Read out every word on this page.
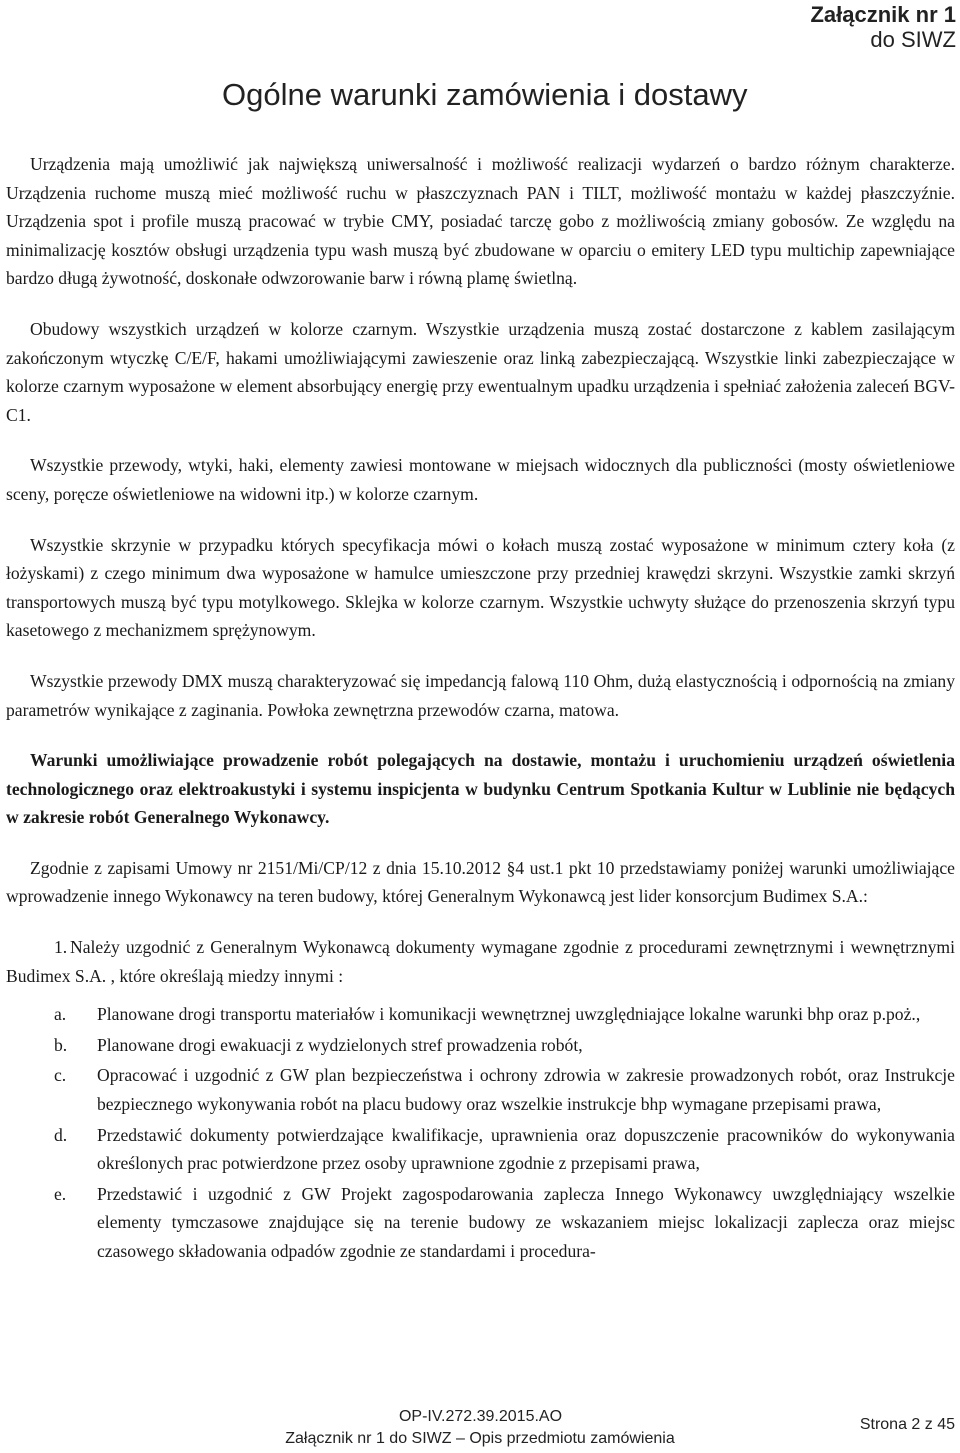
Załącznik nr 1
do SIWZ
Ogólne warunki zamówienia i dostawy

Urządzenia mają umożliwić jak największą uniwersalność i możliwość realizacji wydarzeń o bardzo różnym charakterze. Urządzenia ruchome muszą mieć możliwość ruchu w płaszczyznach PAN i TILT, możliwość montażu w każdej płaszczyźnie. Urządzenia spot i profile muszą pracować w trybie CMY, posiadać tarczę gobo z możliwością zmiany gobosów. Ze względu na minimalizację kosztów obsługi urządzenia typu wash muszą być zbudowane w oparciu o emitery LED typu multichip zapewniające bardzo długą żywotność, doskonałe odwzorowanie barw i równą plamę świetlną.

Obudowy wszystkich urządzeń w kolorze czarnym. Wszystkie urządzenia muszą zostać dostarczone z kablem zasilającym zakończonym wtyczkę C/E/F, hakami umożliwiającymi zawieszenie oraz linką zabezpieczającą. Wszystkie linki zabezpieczające w kolorze czarnym wyposażone w element absorbujący energię przy ewentualnym upadku urządzenia i spełniać założenia zaleceń BGV-C1.

Wszystkie przewody, wtyki, haki, elementy zawiesi montowane w miejsach widocznych dla publiczności (mosty oświetleniowe sceny, poręcze oświetleniowe na widowni itp.) w kolorze czarnym.

Wszystkie skrzynie w przypadku których specyfikacja mówi o kołach muszą zostać wyposażone w minimum cztery koła (z łożyskami) z czego minimum dwa wyposażone w hamulce umieszczone przy przedniej krawędzi skrzyni. Wszystkie zamki skrzyń transportowych muszą być typu motylkowego. Sklejka w kolorze czarnym. Wszystkie uchwyty służące do przenoszenia skrzyń typu kasetowego z mechanizmem sprężynowym.

Wszystkie przewody DMX muszą charakteryzować się impedancją falową 110 Ohm, dużą elastycznością i odpornością na zmiany parametrów wynikające z zaginania. Powłoka zewnętrzna przewodów czarna, matowa.

Warunki umożliwiające prowadzenie robót polegających na dostawie, montażu i uruchomieniu urządzeń oświetlenia technologicznego oraz elektroakustyki i systemu inspicjenta w budynku Centrum Spotkania Kultur w Lublinie nie będących w zakresie robót Generalnego Wykonawcy.

Zgodnie z zapisami Umowy nr 2151/Mi/CP/12 z dnia 15.10.2012 §4 ust.1 pkt 10 przedstawiamy poniżej warunki umożliwiające wprowadzenie innego Wykonawcy na teren budowy, której Generalnym Wykonawcą jest lider konsorcjum Budimex S.A.:

1. Należy uzgodnić z Generalnym Wykonawcą dokumenty wymagane zgodnie z procedurami zewnętrznymi i wewnętrznymi Budimex S.A. , które określają miedzy innymi :
a. Planowane drogi transportu materiałów i komunikacji wewnętrznej uwzględniające lokalne warunki bhp oraz p.poż.,
b. Planowane drogi ewakuacji z wydzielonych stref prowadzenia robót,
c. Opracować i uzgodnić z GW plan bezpieczeństwa i ochrony zdrowia w zakresie prowadzonych robót, oraz Instrukcje bezpiecznego wykonywania robót na placu budowy oraz wszelkie instrukcje bhp wymagane przepisami prawa,
d. Przedstawić dokumenty potwierdzające kwalifikacje, uprawnienia oraz dopuszczenie pracowników do wykonywania określonych prac potwierdzone przez osoby uprawnione zgodnie z przepisami prawa,
e. Przedstawić i uzgodnić z GW Projekt zagospodarowania zaplecza Innego Wykonawcy uwzględniający wszelkie elementy tymczasowe znajdujące się na terenie budowy ze wskazaniem miejsc lokalizacji zaplecza oraz miejsc czasowego składowania odpadów zgodnie ze standardami i procedura-
OP-IV.272.39.2015.AO
Załącznik nr 1 do SIWZ – Opis przedmiotu zamówienia
Strona 2 z 45
